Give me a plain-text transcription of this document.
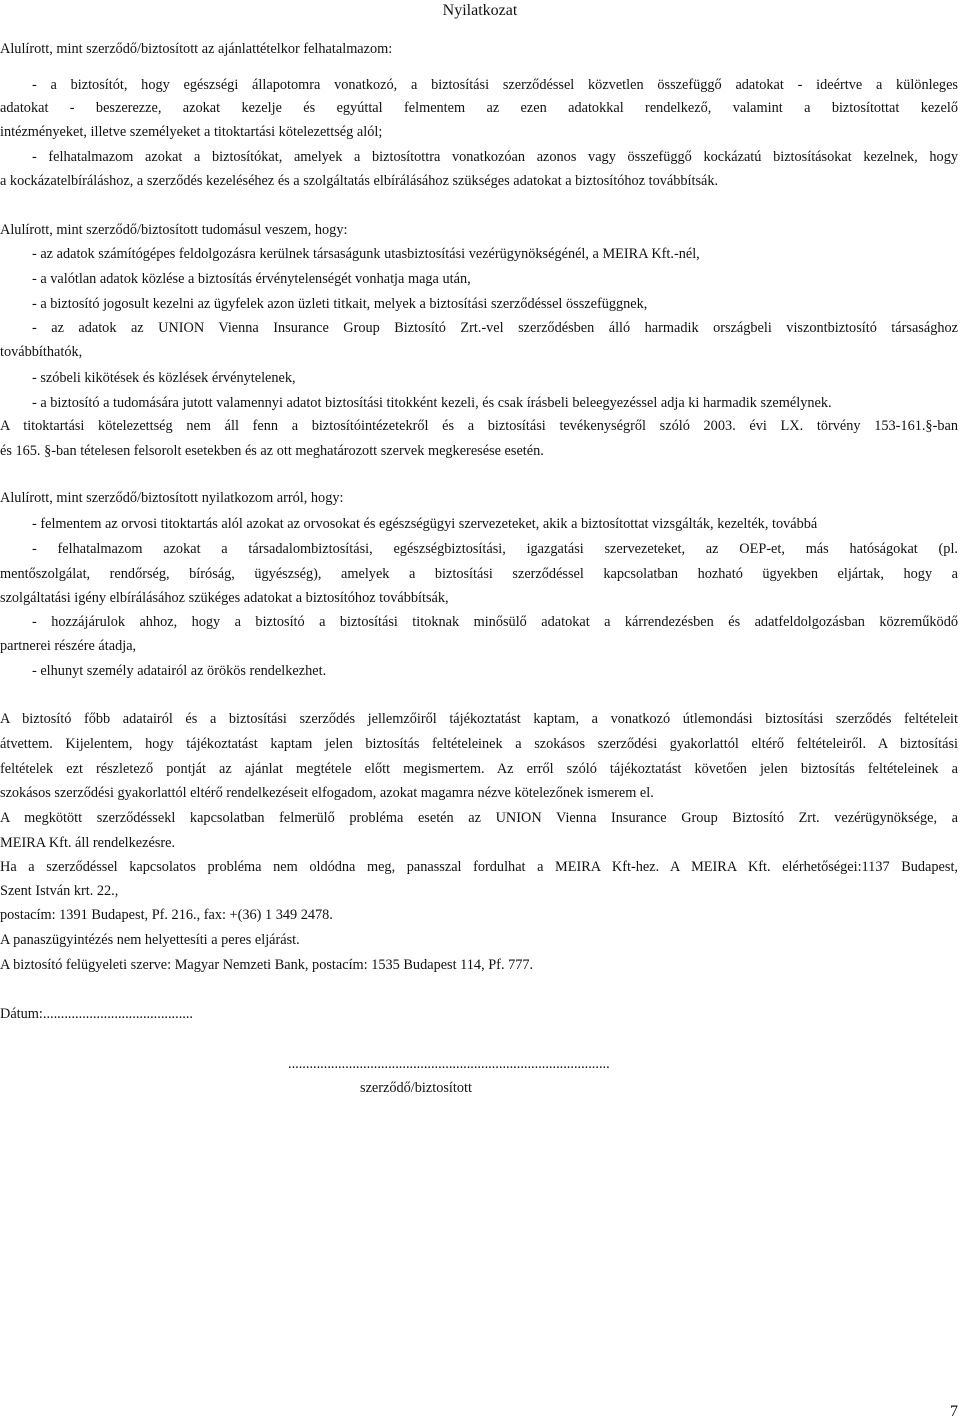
Nyilatkozat

Alulírott, mint szerződő/biztosított az ajánlattételkor felhatalmazom:

- a biztosítót, hogy egészségi állapotomra vonatkozó, a biztosítási szerződéssel közvetlen összefüggő adatokat - ideértve a különleges

adatokat - beszerezze, azokat kezelje és egyúttal felmentem az ezen adatokkal rendelkező, valamint a biztosítottat kezelő

intézményeket, illetve személyeket a titoktartási kötelezettség alól;

- felhatalmazom azokat a biztosítókat, amelyek a biztosítottra vonatkozóan azonos vagy összefüggő kockázatú biztosításokat kezelnek, hogy

a kockázatelbíráláshoz, a szerződés kezeléséhez és a szolgáltatás elbírálásához szükséges adatokat a biztosítóhoz továbbítsák.

Alulírott, mint szerződő/biztosított tudomásul veszem, hogy:

- az adatok számítógépes feldolgozásra kerülnek társaságunk utasbiztosítási vezérügynökségénél, a MEIRA Kft.-nél,

- a valótlan adatok közlése a biztosítás érvénytelenségét vonhatja maga után,

- a biztosító jogosult kezelni az ügyfelek azon üzleti titkait, melyek a biztosítási szerződéssel összefüggnek,

- az adatok az UNION Vienna Insurance Group Biztosító Zrt.-vel szerződésben álló harmadik országbeli viszontbiztosító társasághoz

továbbíthatók,

- szóbeli kikötések és közlések érvénytelenek,

- a biztosító a tudomására jutott valamennyi adatot biztosítási titokként kezeli, és csak írásbeli beleegyezéssel adja ki harmadik személynek.

A titoktartási kötelezettség nem áll fenn a biztosítóintézetekről és a biztosítási tevékenységről szóló 2003. évi LX. törvény 153-161.§-ban

és 165. §-ban tételesen felsorolt esetekben és az ott meghatározott szervek megkeresése esetén.

Alulírott, mint szerződő/biztosított nyilatkozom arról, hogy:

- felmentem az orvosi titoktartás alól azokat az orvosokat és egészségügyi szervezeteket, akik a biztosítottat vizsgálták, kezelték, továbbá

- felhatalmazom azokat a társadalombiztosítási, egészségbiztosítási, igazgatási szervezeteket, az OEP-et, más hatóságokat (pl.

mentőszolgálat, rendőrség, bíróság, ügyészség), amelyek a biztosítási szerződéssel kapcsolatban hozható ügyekben eljártak, hogy a

szolgáltatási igény elbírálásához szükéges adatokat a biztosítóhoz továbbítsák,

- hozzájárulok ahhoz, hogy a biztosító a biztosítási titoknak minősülő adatokat a kárrendezésben és adatfeldolgozásban közreműködő

partnerei részére átadja,

- elhunyt személy adatairól az örökös rendelkezhet.

A biztosító főbb adatairól és a biztosítási szerződés jellemzőiről tájékoztatást kaptam, a vonatkozó útlemondási biztosítási szerződés feltételeit

átvettem. Kijelentem, hogy tájékoztatást kaptam jelen biztosítás feltételeinek a szokásos szerződési gyakorlattól eltérő feltételeiről. A biztosítási

feltételek ezt részletező pontját az ajánlat megtétele előtt megismertem. Az erről szóló tájékoztatást követően jelen biztosítás feltételeinek a

szokásos szerződési gyakorlattól eltérő rendelkezéseit elfogadom, azokat magamra nézve kötelezőnek ismerem el.

A megkötött szerződéssekl kapcsolatban felmerülő probléma esetén az UNION Vienna Insurance Group Biztosító Zrt. vezérügynöksége, a

MEIRA Kft. áll rendelkezésre.

Ha a szerződéssel kapcsolatos probléma nem oldódna meg, panasszal fordulhat a MEIRA Kft-hez. A MEIRA Kft. elérhetőségei:1137 Budapest,

Szent István krt. 22.,

postacím: 1391 Budapest, Pf. 216., fax: +(36) 1 349 2478.

A panaszügyintézés nem helyettesíti a peres eljárást.

A biztosító felügyeleti szerve: Magyar Nemzeti Bank, postacím: 1535 Budapest 114, Pf. 777.

Dátum:..........................................

..........................................................................................

szerződő/biztosított

7
